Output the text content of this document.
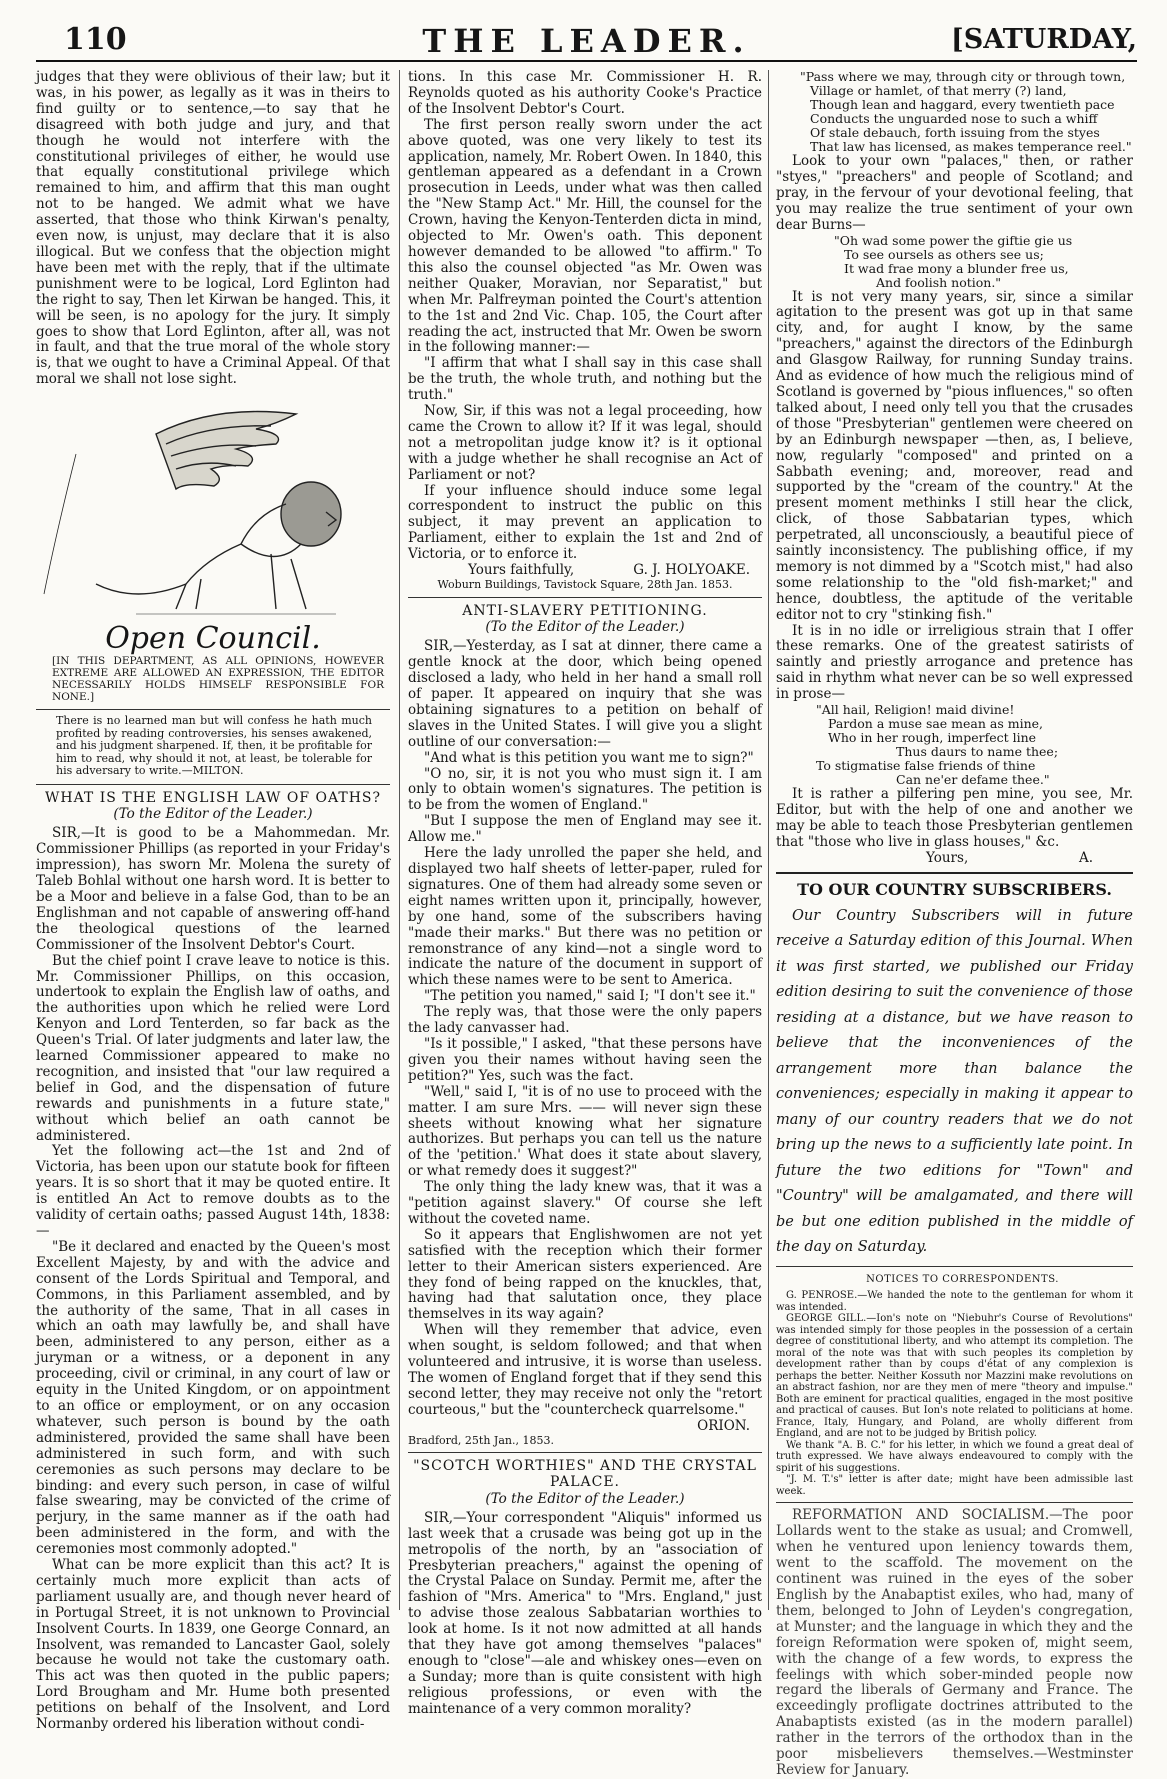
110	THE LEADER.	[SATURDAY,

judges that they were oblivious of their law; but it was, in his power, as legally as it was in theirs to find guilty or to sentence,—to say that he disagreed with both judge and jury, and that though he would not interfere with the constitutional privileges of either, he would use that equally constitutional privilege which remained to him, and affirm that this man ought not to be hanged. We admit what we have asserted, that those who think Kirwan's penalty, even now, is unjust, may declare that it is also illogical. But we confess that the objection might have been met with the reply, that if the ultimate punishment were to be logical, Lord Eglinton had the right to say, Then let Kirwan be hanged. This, it will be seen, is no apology for the jury. It simply goes to show that Lord Eglinton, after all, was not in fault, and that the true moral of the whole story is, that we ought to have a Criminal Appeal. Of that moral we shall not lose sight.

Open Council.

[IN THIS DEPARTMENT, AS ALL OPINIONS, HOWEVER EXTREME ARE ALLOWED AN EXPRESSION, THE EDITOR NECESSARILY HOLDS HIMSELF RESPONSIBLE FOR NONE.]

There is no learned man but will confess he hath much profited by reading controversies, his senses awakened, and his judgment sharpened. If, then, it be profitable for him to read, why should it not, at least, be tolerable for his adversary to write.—MILTON.

WHAT IS THE ENGLISH LAW OF OATHS?

(To the Editor of the Leader.)

SIR,—It is good to be a Mahommedan. Mr. Commissioner Phillips (as reported in your Friday's impression), has sworn Mr. Molena the surety of Taleb Bohlal without one harsh word. It is better to be a Moor and believe in a false God, than to be an Englishman and not capable of answering off-hand the theological questions of the learned Commissioner of the Insolvent Debtor's Court.

But the chief point I crave leave to notice is this. Mr. Commissioner Phillips, on this occasion, undertook to explain the English law of oaths, and the authorities upon which he relied were Lord Kenyon and Lord Tenterden, so far back as the Queen's Trial. Of later judgments and later law, the learned Commissioner appeared to make no recognition, and insisted that "our law required a belief in God, and the dispensation of future rewards and punishments in a future state," without which belief an oath cannot be administered.

Yet the following act—the 1st and 2nd of Victoria, has been upon our statute book for fifteen years. It is so short that it may be quoted entire. It is entitled An Act to remove doubts as to the validity of certain oaths; passed August 14th, 1838:—

"Be it declared and enacted by the Queen's most Excellent Majesty, by and with the advice and consent of the Lords Spiritual and Temporal, and Commons, in this Parliament assembled, and by the authority of the same, That in all cases in which an oath may lawfully be, and shall have been, administered to any person, either as a juryman or a witness, or a deponent in any proceeding, civil or criminal, in any court of law or equity in the United Kingdom, or on appointment to an office or employment, or on any occasion whatever, such person is bound by the oath administered, provided the same shall have been administered in such form, and with such ceremonies as such persons may declare to be binding: and every such person, in case of wilful false swearing, may be convicted of the crime of perjury, in the same manner as if the oath had been administered in the form, and with the ceremonies most commonly adopted."

What can be more explicit than this act? It is certainly much more explicit than acts of parliament usually are, and though never heard of in Portugal Street, it is not unknown to Provincial Insolvent Courts. In 1839, one George Connard, an Insolvent, was remanded to Lancaster Gaol, solely because he would not take the customary oath. This act was then quoted in the public papers; Lord Brougham and Mr. Hume both presented petitions on behalf of the Insolvent, and Lord Normanby ordered his liberation without condi-

tions. In this case Mr. Commissioner H. R. Reynolds quoted as his authority Cooke's Practice of the Insolvent Debtor's Court.

The first person really sworn under the act above quoted, was one very likely to test its application, namely, Mr. Robert Owen. In 1840, this gentleman appeared as a defendant in a Crown prosecution in Leeds, under what was then called the "New Stamp Act." Mr. Hill, the counsel for the Crown, having the Kenyon-Tenterden dicta in mind, objected to Mr. Owen's oath. This deponent however demanded to be allowed "to affirm." To this also the counsel objected "as Mr. Owen was neither Quaker, Moravian, nor Separatist," but when Mr. Palfreyman pointed the Court's attention to the 1st and 2nd Vic. Chap. 105, the Court after reading the act, instructed that Mr. Owen be sworn in the following manner:—

"I affirm that what I shall say in this case shall be the truth, the whole truth, and nothing but the truth."

Now, Sir, if this was not a legal proceeding, how came the Crown to allow it? If it was legal, should not a metropolitan judge know it? is it optional with a judge whether he shall recognise an Act of Parliament or not?

If your influence should induce some legal correspondent to instruct the public on this subject, it may prevent an application to Parliament, either to explain the 1st and 2nd of Victoria, or to enforce it.

Yours faithfully,	G. J. HOLYOAKE.

Woburn Buildings, Tavistock Square, 28th Jan. 1853.

ANTI-SLAVERY PETITIONING.

(To the Editor of the Leader.)

SIR,—Yesterday, as I sat at dinner, there came a gentle knock at the door, which being opened disclosed a lady, who held in her hand a small roll of paper. It appeared on inquiry that she was obtaining signatures to a petition on behalf of slaves in the United States. I will give you a slight outline of our conversation:—

"And what is this petition you want me to sign?"

"O no, sir, it is not you who must sign it. I am only to obtain women's signatures. The petition is to be from the women of England."

"But I suppose the men of England may see it. Allow me."

Here the lady unrolled the paper she held, and displayed two half sheets of letter-paper, ruled for signatures. One of them had already some seven or eight names written upon it, principally, however, by one hand, some of the subscribers having "made their marks." But there was no petition or remonstrance of any kind—not a single word to indicate the nature of the document in support of which these names were to be sent to America.

"The petition you named," said I; "I don't see it."

The reply was, that those were the only papers the lady canvasser had.

"Is it possible," I asked, "that these persons have given you their names without having seen the petition?" Yes, such was the fact.

"Well," said I, "it is of no use to proceed with the matter. I am sure Mrs. —— will never sign these sheets without knowing what her signature authorizes. But perhaps you can tell us the nature of the 'petition.' What does it state about slavery, or what remedy does it suggest?"

The only thing the lady knew was, that it was a "petition against slavery." Of course she left without the coveted name.

So it appears that Englishwomen are not yet satisfied with the reception which their former letter to their American sisters experienced. Are they fond of being rapped on the knuckles, that, having had that salutation once, they place themselves in its way again?

When will they remember that advice, even when sought, is seldom followed; and that when volunteered and intrusive, it is worse than useless. The women of England forget that if they send this second letter, they may receive not only the "retort courteous," but the "countercheck quarrelsome."

ORION.

Bradford, 25th Jan., 1853.

"SCOTCH WORTHIES" AND THE CRYSTAL PALACE.

(To the Editor of the Leader.)

SIR,—Your correspondent "Aliquis" informed us last week that a crusade was being got up in the metropolis of the north, by an "association of Presbyterian preachers," against the opening of the Crystal Palace on Sunday. Permit me, after the fashion of "Mrs. America" to "Mrs. England," just to advise those zealous Sabbatarian worthies to look at home. Is it not now admitted at all hands that they have got among themselves "palaces" enough to "close"—ale and whiskey ones—even on a Sunday; more than is quite consistent with high religious professions, or even with the maintenance of a very common morality?

"Pass where we may, through city or through town,

Village or hamlet, of that merry (?) land,

Though lean and haggard, every twentieth pace

Conducts the unguarded nose to such a whiff

Of stale debauch, forth issuing from the styes

That law has licensed, as makes temperance reel."

Look to your own "palaces," then, or rather "styes," "preachers" and people of Scotland; and pray, in the fervour of your devotional feeling, that you may realize the true sentiment of your own dear Burns—

"Oh wad some power the giftie gie us

To see oursels as others see us;

It wad frae mony a blunder free us,

And foolish notion."

It is not very many years, sir, since a similar agitation to the present was got up in that same city, and, for aught I know, by the same "preachers," against the directors of the Edinburgh and Glasgow Railway, for running Sunday trains. And as evidence of how much the religious mind of Scotland is governed by "pious influences," so often talked about, I need only tell you that the crusades of those "Presbyterian" gentlemen were cheered on by an Edinburgh newspaper —then, as, I believe, now, regularly "composed" and printed on a Sabbath evening; and, moreover, read and supported by the "cream of the country." At the present moment methinks I still hear the click, click, of those Sabbatarian types, which perpetrated, all unconsciously, a beautiful piece of saintly inconsistency. The publishing office, if my memory is not dimmed by a "Scotch mist," had also some relationship to the "old fish-market;" and hence, doubtless, the aptitude of the veritable editor not to cry "stinking fish."

It is in no idle or irreligious strain that I offer these remarks. One of the greatest satirists of saintly and priestly arrogance and pretence has said in rhythm what never can be so well expressed in prose—

"All hail, Religion! maid divine!

Pardon a muse sae mean as mine,

Who in her rough, imperfect line

Thus daurs to name thee;

To stigmatise false friends of thine

Can ne'er defame thee."

It is rather a pilfering pen mine, you see, Mr. Editor, but with the help of one and another we may be able to teach those Presbyterian gentlemen that "those who live in glass houses," &c.

Yours,	A.
TO OUR COUNTRY SUBSCRIBERS.

Our Country Subscribers will in future receive a Saturday edition of this Journal. When it was first started, we published our Friday edition desiring to suit the convenience of those residing at a distance, but we have reason to believe that the inconveniences of the arrangement more than balance the conveniences; especially in making it appear to many of our country readers that we do not bring up the news to a sufficiently late point. In future the two editions for "Town" and "Country" will be amalgamated, and there will be but one edition published in the middle of the day on Saturday.

NOTICES TO CORRESPONDENTS.

G. PENROSE.—We handed the note to the gentleman for whom it was intended.

GEORGE GILL.—Ion's note on "Niebuhr's Course of Revolutions" was intended simply for those peoples in the possession of a certain degree of constitutional liberty, and who attempt its completion. The moral of the note was that with such peoples its completion by development rather than by coups d'état of any complexion is perhaps the better. Neither Kossuth nor Mazzini make revolutions on an abstract fashion, nor are they men of mere "theory and impulse." Both are eminent for practical qualities, engaged in the most positive and practical of causes. But Ion's note related to politicians at home. France, Italy, Hungary, and Poland, are wholly different from England, and are not to be judged by British policy.

We thank "A. B. C." for his letter, in which we found a great deal of truth expressed. We have always endeavoured to comply with the spirit of his suggestions.

"J. M. T.'s" letter is after date; might have been admissible last week.

REFORMATION AND SOCIALISM.—The poor Lollards went to the stake as usual; and Cromwell, when he ventured upon leniency towards them, went to the scaffold. The movement on the continent was ruined in the eyes of the sober English by the Anabaptist exiles, who had, many of them, belonged to John of Leyden's congregation, at Munster; and the language in which they and the foreign Reformation were spoken of, might seem, with the change of a few words, to express the feelings with which sober-minded people now regard the liberals of Germany and France. The exceedingly profligate doctrines attributed to the Anabaptists existed (as in the modern parallel) rather in the terrors of the orthodox than in the poor misbelievers themselves.—Westminster Review for January.
